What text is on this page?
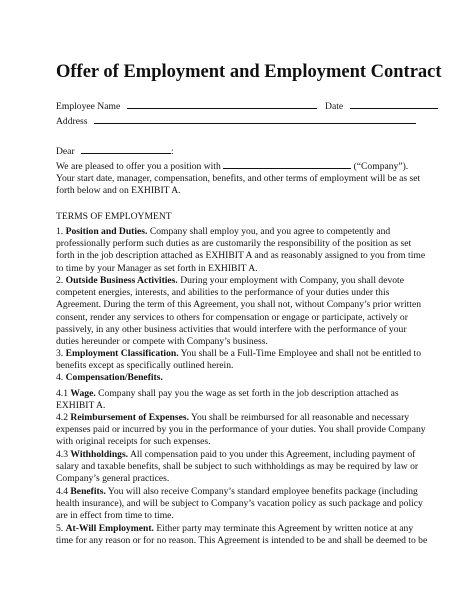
Offer of Employment and Employment Contract
Employee Name	Date
Address
Dear	:
We are pleased to offer you a position with	(“Company”). Your start date, manager, compensation, benefits, and other terms of employment will be as set forth below and on EXHIBIT A.
TERMS OF EMPLOYMENT
1. Position and Duties. Company shall employ you, and you agree to competently and professionally perform such duties as are customarily the responsibility of the position as set forth in the job description attached as EXHIBIT A and as reasonably assigned to you from time to time by your Manager as set forth in EXHIBIT A.
2. Outside Business Activities. During your employment with Company, you shall devote competent energies, interests, and abilities to the performance of your duties under this Agreement. During the term of this Agreement, you shall not, without Company’s prior written consent, render any services to others for compensation or engage or participate, actively or passively, in any other business activities that would interfere with the performance of your duties hereunder or compete with Company’s business.
3. Employment Classification. You shall be a Full-Time Employee and shall not be entitled to benefits except as specifically outlined herein.
4. Compensation/Benefits.
4.1 Wage. Company shall pay you the wage as set forth in the job description attached as EXHIBIT A.
4.2 Reimbursement of Expenses. You shall be reimbursed for all reasonable and necessary expenses paid or incurred by you in the performance of your duties. You shall provide Company with original receipts for such expenses.
4.3 Withholdings. All compensation paid to you under this Agreement, including payment of salary and taxable benefits, shall be subject to such withholdings as may be required by law or Company’s general practices.
4.4 Benefits. You will also receive Company’s standard employee benefits package (including health insurance), and will be subject to Company’s vacation policy as such package and policy are in effect from time to time.
5. At-Will Employment. Either party may terminate this Agreement by written notice at any time for any reason or for no reason. This Agreement is intended to be and shall be deemed to be
